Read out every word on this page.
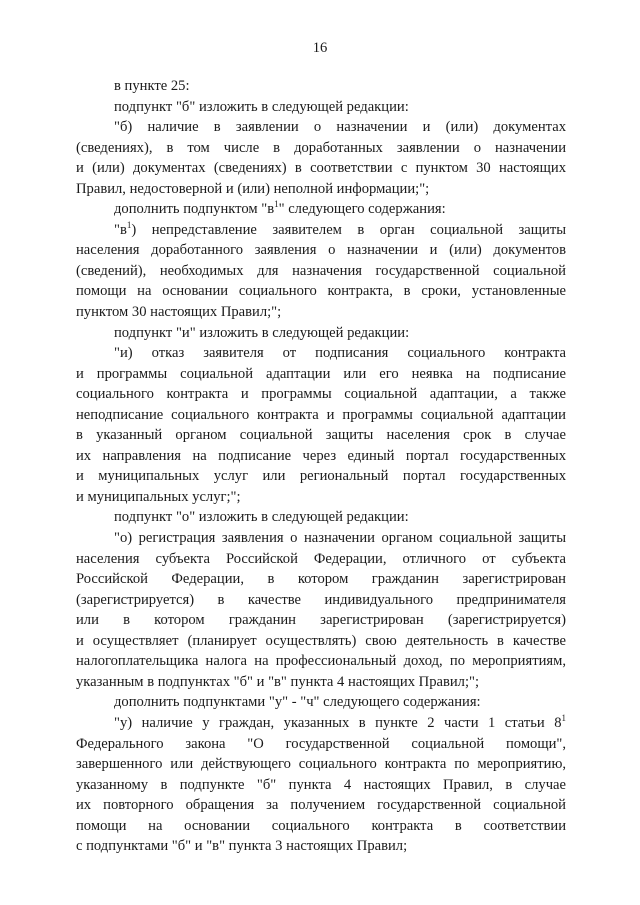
16
в пункте 25:
подпункт "б" изложить в следующей редакции:
"б) наличие в заявлении о назначении и (или) документах
(сведениях), в том числе в доработанных заявлении о назначении
и (или) документах (сведениях) в соответствии с пунктом 30 настоящих
Правил, недостоверной и (или) неполной информации;";
дополнить подпунктом "$в^1$" следующего содержания:
"$в^1$) непредставление заявителем в орган социальной защиты
населения доработанного заявления о назначении и (или) документов
(сведений), необходимых для назначения государственной социальной
помощи на основании социального контракта, в сроки, установленные
пунктом 30 настоящих Правил;";
подпункт "и" изложить в следующей редакции:
"и) отказ заявителя от подписания социального контракта
и программы социальной адаптации или его неявка на подписание
социального контракта и программы социальной адаптации, а также
неподписание социального контракта и программы социальной адаптации
в указанный органом социальной защиты населения срок в случае
их направления на подписание через единый портал государственных
и муниципальных услуг или региональный портал государственных
и муниципальных услуг;";
подпункт "о" изложить в следующей редакции:
"о) регистрация заявления о назначении органом социальной защиты
населения субъекта Российской Федерации, отличного от субъекта
Российской Федерации, в котором гражданин зарегистрирован
(зарегистрируется) в качестве индивидуального предпринимателя
или в котором гражданин зарегистрирован (зарегистрируется)
и осуществляет (планирует осуществлять) свою деятельность в качестве
налогоплательщика налога на профессиональный доход, по мероприятиям,
указанным в подпунктах "б" и "в" пункта 4 настоящих Правил;";
дополнить подпунктами "у" - "ч" следующего содержания:
"у) наличие у граждан, указанных в пункте 2 части 1 статьи $8^1$
Федерального закона "О государственной социальной помощи",
завершенного или действующего социального контракта по мероприятию,
указанному в подпункте "б" пункта 4 настоящих Правил, в случае
их повторного обращения за получением государственной социальной
помощи на основании социального контракта в соответствии
с подпунктами "б" и "в" пункта 3 настоящих Правил;
